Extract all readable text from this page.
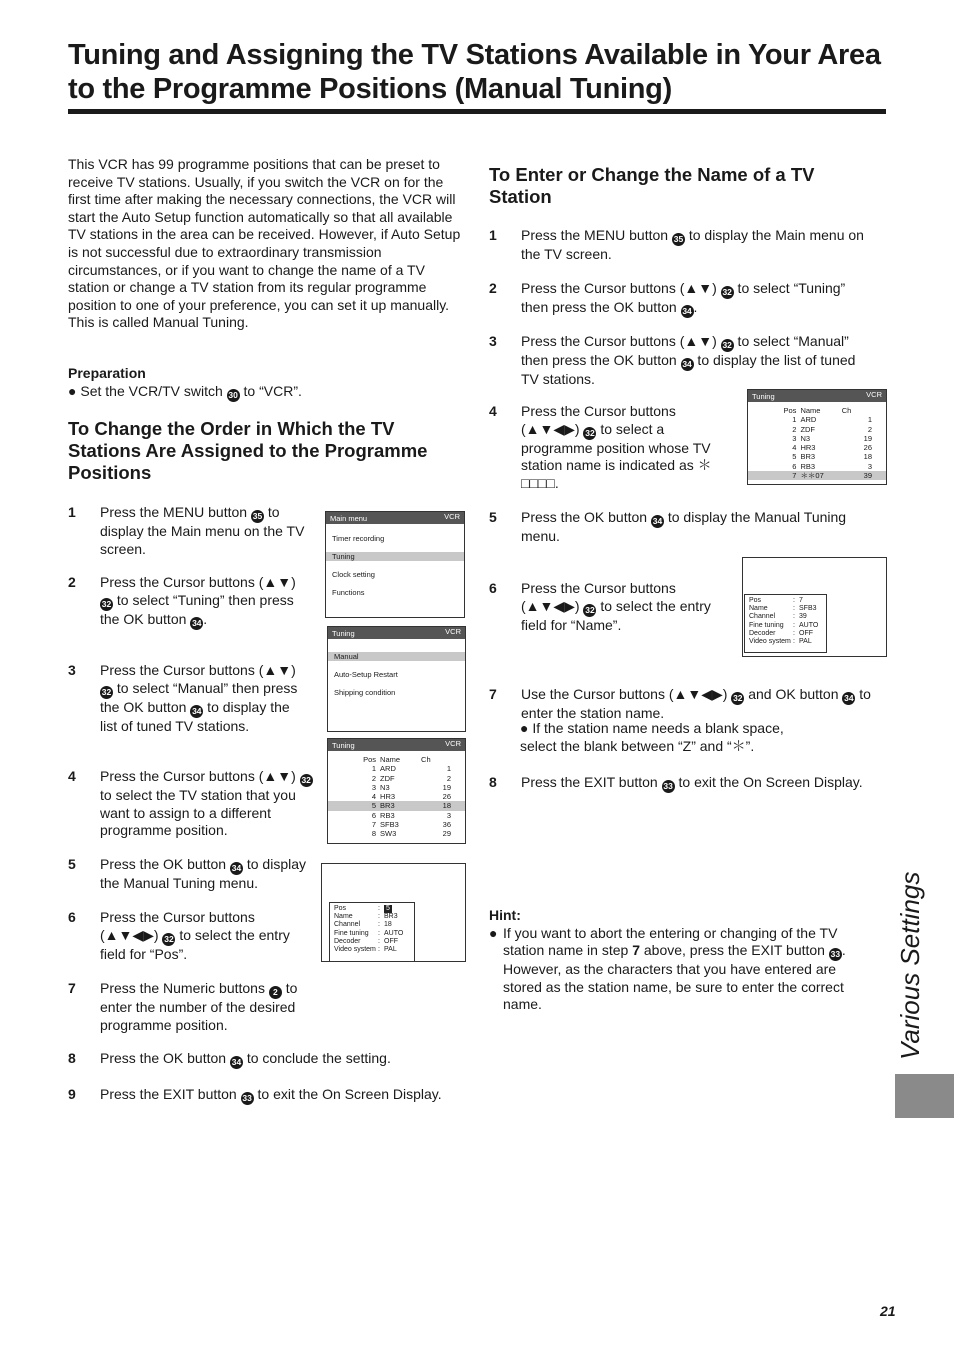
Tuning and Assigning the TV Stations Available in Your Area to the Programme Positions (Manual Tuning)
This VCR has 99 programme positions that can be preset to receive TV stations. Usually, if you switch the VCR on for the first time after making the necessary connections, the VCR will start the Auto Setup function automatically so that all available TV stations in the area can be received. However, if Auto Setup is not successful due to extraordinary transmission circumstances, or if you want to change the name of a TV station or change a TV station from its regular programme position to one of your preference, you can set it up manually. This is called Manual Tuning.
Preparation
● Set the VCR/TV switch 30 to “VCR”.
To Change the Order in Which the TV Stations Are Assigned to the Programme Positions
1 Press the MENU button 35 to display the Main menu on the TV screen.
2 Press the Cursor buttons (▲▼) 32 to select “Tuning” then press the OK button 34 .
3 Press the Cursor buttons (▲▼) 32 to select “Manual” then press the OK button 34 to display the list of tuned TV stations.
4 Press the Cursor buttons (▲▼) 32 to select the TV station that you want to assign to a different programme position.
5 Press the OK button 34 to display the Manual Tuning menu.
6 Press the Cursor buttons (▲▼◀▶) 32 to select the entry field for “Pos”.
7 Press the Numeric buttons 2 to enter the number of the desired programme position.
8 Press the OK button 34 to conclude the setting.
9 Press the EXIT button 33 to exit the On Screen Display.
To Enter or Change the Name of a TV Station
1 Press the MENU button 35 to display the Main menu on the TV screen.
2 Press the Cursor buttons (▲▼) 32 to select “Tuning” then press the OK button 34 .
3 Press the Cursor buttons (▲▼) 32 to select “Manual” then press the OK button 34 to display the list of tuned TV stations.
4 Press the Cursor buttons (▲▼◀▶) 32 to select a programme position whose TV station name is indicated as ＊□□□□.
5 Press the OK button 34 to display the Manual Tuning menu.
6 Press the Cursor buttons (▲▼◀▶) 32 to select the entry field for “Name”.
7 Use the Cursor buttons (▲▼◀▶) 32 and OK button 34 to enter the station name.
8 Press the EXIT button 33 to exit the On Screen Display.
● If the station name needs a blank space, select the blank between “Z” and “＊”.
Hint:
● If you want to abort the entering or changing of the TV station name in step 7 above, press the EXIT button 33 . However, as the characters that you have entered are stored as the station name, be sure to enter the correct name.
Main menu	VCR
Timer recording
Tuning
Clock setting
Functions
Tuning	VCR
Manual
Auto-Setup Restart
Shipping condition
Tuning	VCR
Pos	Name	Ch
1	ARD	1
2	ZDF	2
3	N3	19
4	HR3	26
5	BR3	18
6	RB3	3
7	SFB3	36
8	SW3	29
Pos	: 5
Name	: BR3
Channel	: 18
Fine tuning	: AUTO
Decoder	: OFF
Video system : PAL
Tuning	VCR
Pos	Name	Ch
1	ARD	1
2	ZDF	2
3	N3	19
4	HR3	26
5	BR3	18
6	RB3	3
7	＊＊07	39
Pos	: 7
Name	: SFB3
Channel	: 39
Fine tuning	: AUTO
Decoder	: OFF
Video system : PAL
Various Settings
21
